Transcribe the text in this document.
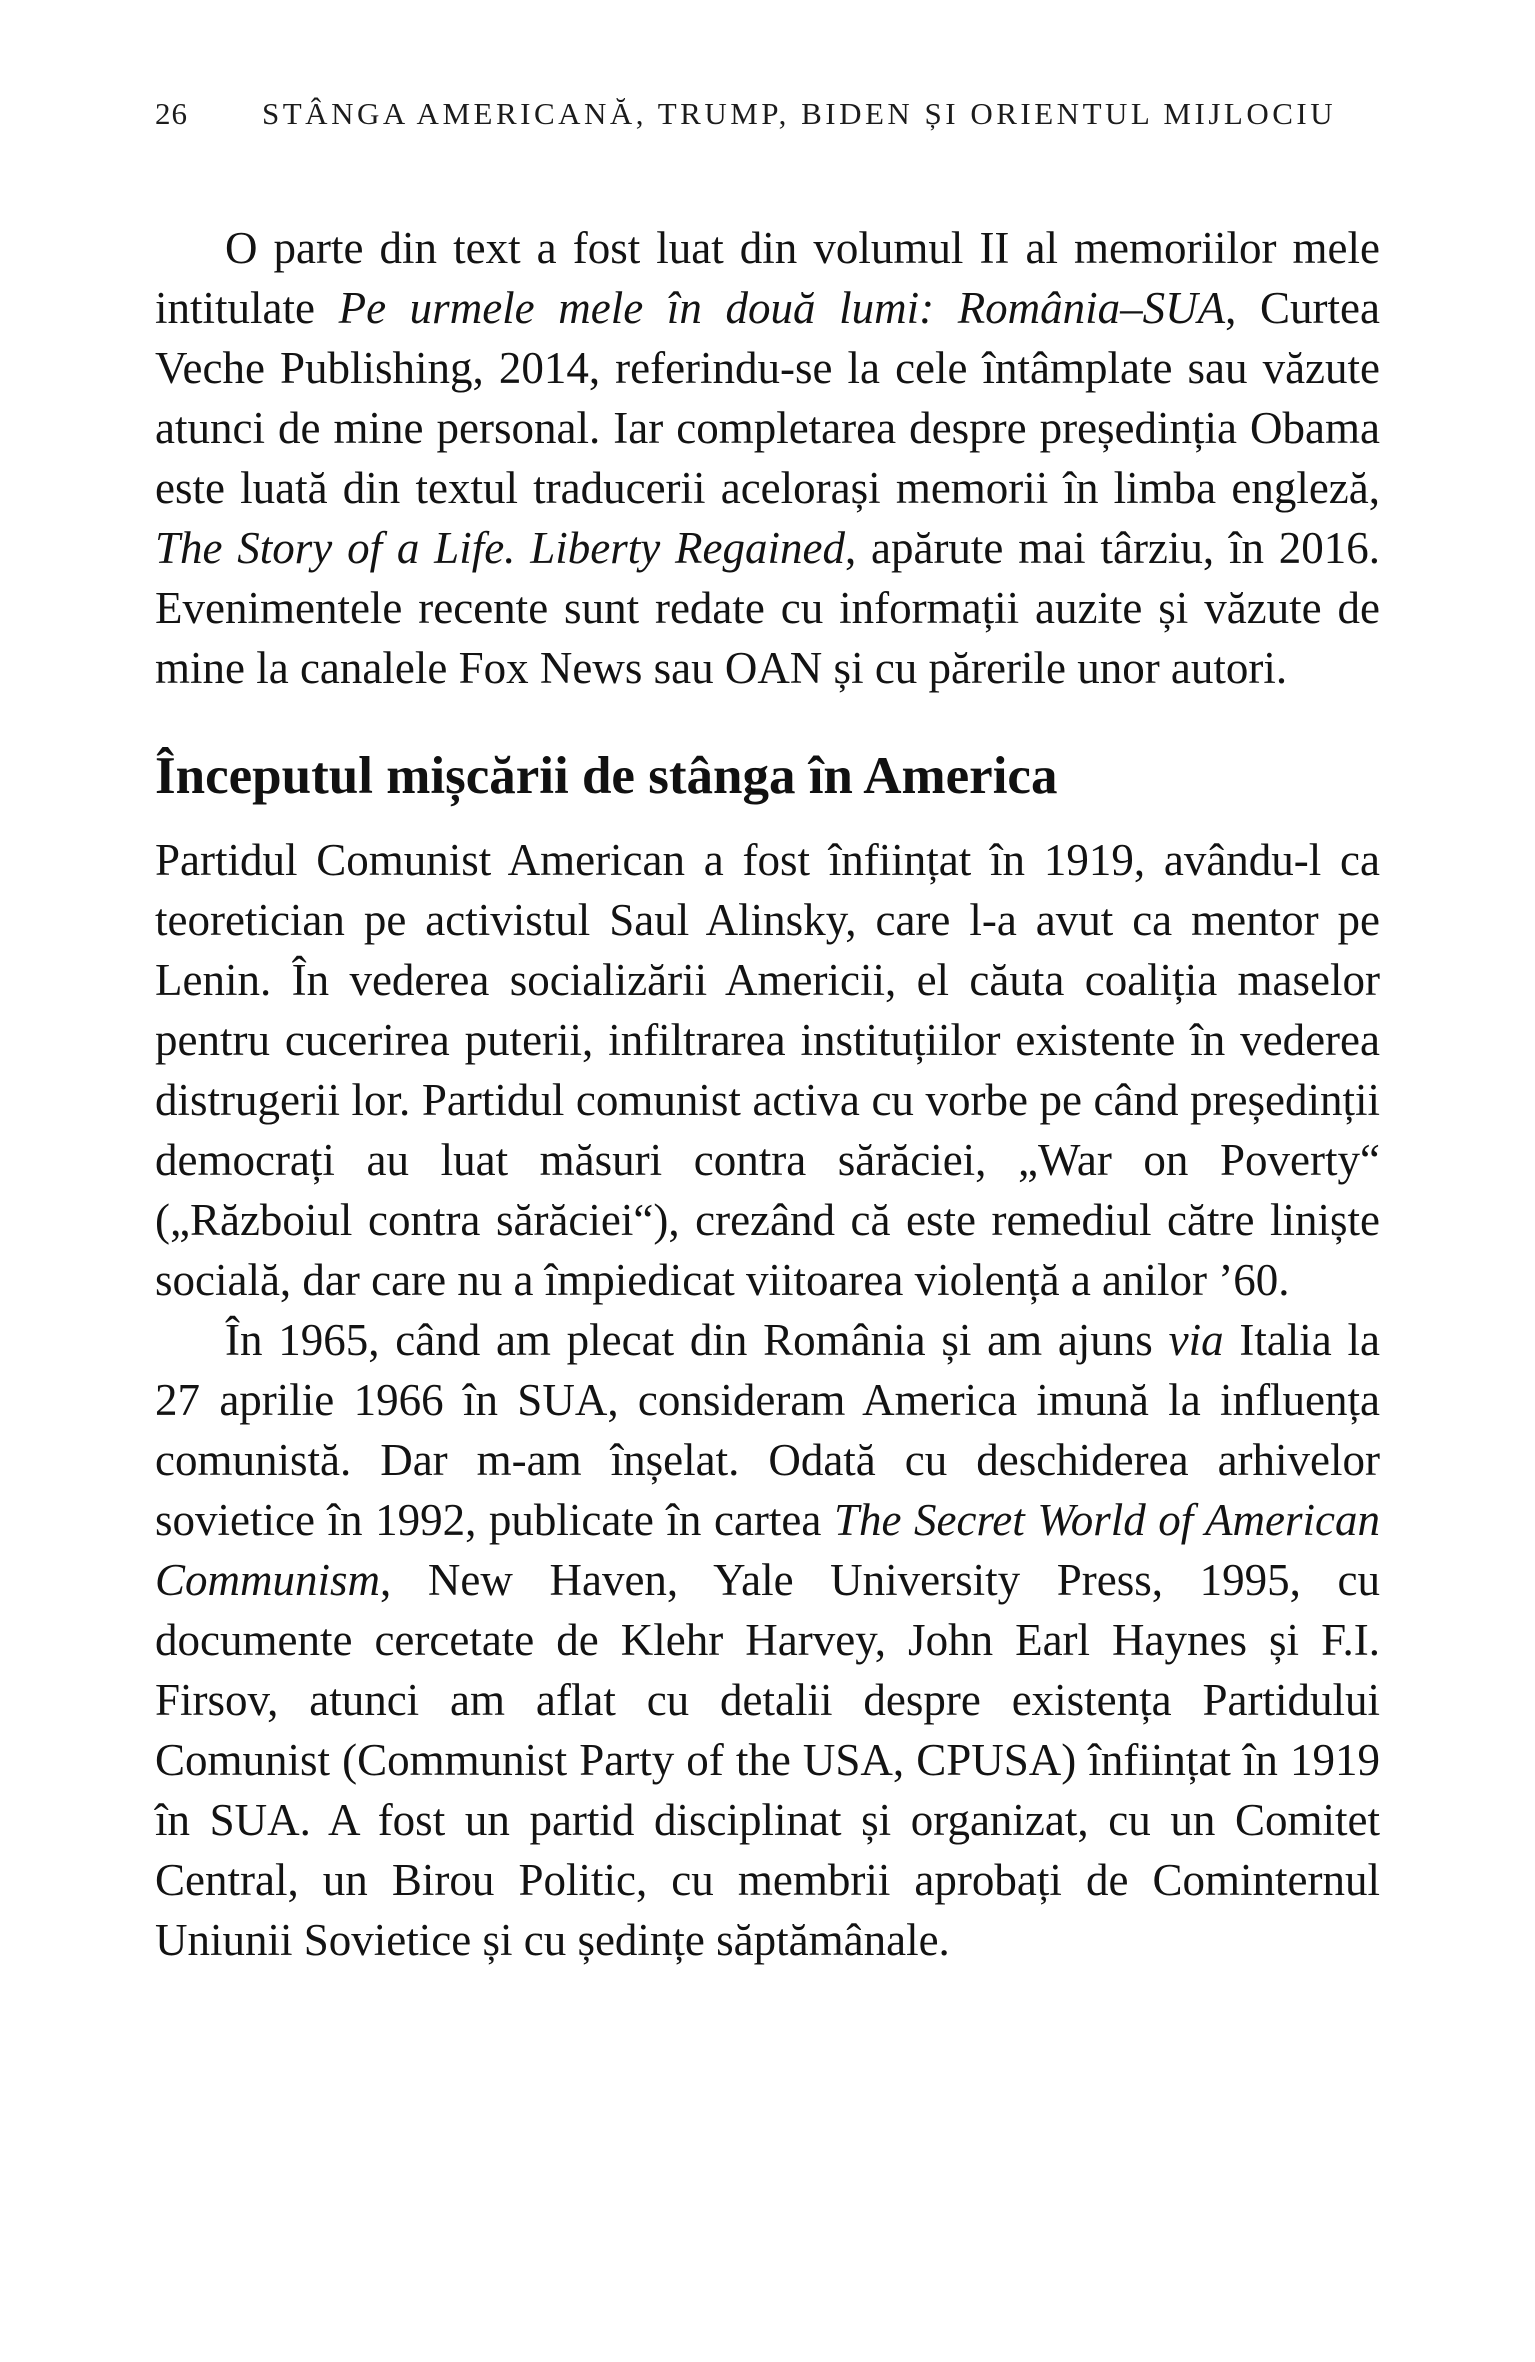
26 STÂNGA AMERICANĂ, TRUMP, BIDEN ȘI ORIENTUL MIJLOCIU

O parte din text a fost luat din volumul II al memoriilor mele intitulate Pe urmele mele în două lumi: România–SUA, Curtea Veche Publishing, 2014, referindu-se la cele întâmplate sau văzute atunci de mine personal. Iar completarea despre președinția Obama este luată din textul traducerii acelorași memorii în limba engleză, The Story of a Life. Liberty Regained, apărute mai târziu, în 2016. Evenimentele recente sunt redate cu informații auzite și văzute de mine la canalele Fox News sau OAN și cu părerile unor autori.

Începutul mișcării de stânga în America

Partidul Comunist American a fost înființat în 1919, avându-l ca teoretician pe activistul Saul Alinsky, care l-a avut ca mentor pe Lenin. În vederea socializării Americii, el căuta coaliția maselor pentru cucerirea puterii, infiltrarea instituțiilor existente în vederea distrugerii lor. Partidul comunist activa cu vorbe pe când președinții democrați au luat măsuri contra sărăciei, „War on Poverty“ („Războiul contra sărăciei“), crezând că este remediul către liniște socială, dar care nu a împiedicat viitoarea violență a anilor ’60.

În 1965, când am plecat din România și am ajuns via Italia la 27 aprilie 1966 în SUA, consideram America imună la influența comunistă. Dar m-am înșelat. Odată cu deschiderea arhivelor sovietice în 1992, publicate în cartea The Secret World of American Communism, New Haven, Yale University Press, 1995, cu documente cercetate de Klehr Harvey, John Earl Haynes și F.I. Firsov, atunci am aflat cu detalii despre existența Partidului Comunist (Communist Party of the USA, CPUSA) înființat în 1919 în SUA. A fost un partid disciplinat și organizat, cu un Comitet Central, un Birou Politic, cu membrii aprobați de Cominternul Uniunii Sovietice și cu ședințe săptămânale.
